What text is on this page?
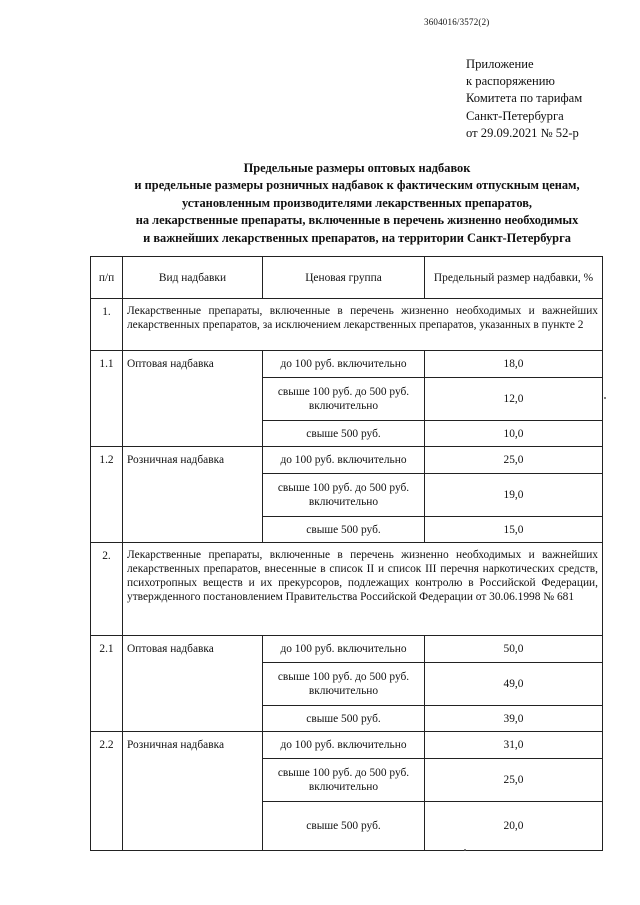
3604016/3572(2)
Приложение
к распоряжению
Комитета по тарифам
Санкт-Петербурга
от 29.09.2021 № 52-р
Предельные размеры оптовых надбавок
и предельные размеры розничных надбавок к фактическим отпускным ценам,
установленным производителями лекарственных препаратов,
на лекарственные препараты, включенные в перечень жизненно необходимых
и важнейших лекарственных препаратов, на территории Санкт-Петербурга
п/п	Вид надбавки	Ценовая группа	Предельный размер надбавки, %
1.	Лекарственные препараты, включенные в перечень жизненно необходимых и важнейших лекарственных препаратов, за исключением лекарственных препаратов, указанных в пункте 2		
1.1	Оптовая надбавка	до 100 руб. включительно	18,0
		свыше 100 руб. до 500 руб. включительно	12,0
		свыше 500 руб.	10,0
1.2	Розничная надбавка	до 100 руб. включительно	25,0
		свыше 100 руб. до 500 руб. включительно	19,0
		свыше 500 руб.	15,0
2.	Лекарственные препараты, включенные в перечень жизненно необходимых и важнейших лекарственных препаратов, внесенные в список II и список III перечня наркотических средств, психотропных веществ и их прекурсоров, подлежащих контролю в Российской Федерации, утвержденного постановлением Правительства Российской Федерации от 30.06.1998 № 681		
2.1	Оптовая надбавка	до 100 руб. включительно	50,0
		свыше 100 руб. до 500 руб. включительно	49,0
		свыше 500 руб.	39,0
2.2	Розничная надбавка	до 100 руб. включительно	31,0
		свыше 100 руб. до 500 руб. включительно	25,0
		свыше 500 руб.	20,0
